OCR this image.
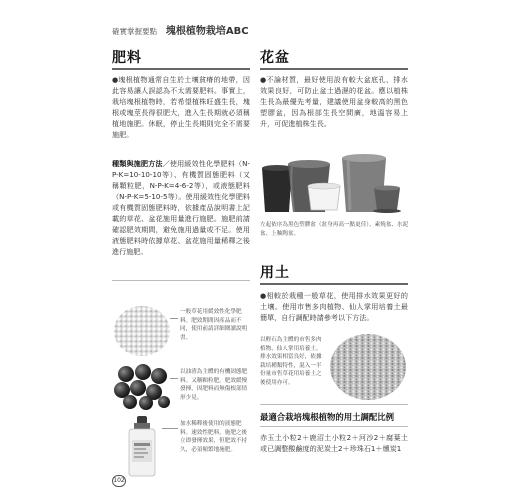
確實掌握要點 塊根植物栽培ABC
肥料
●塊根植物通常自生於土壤貧瘠的地帶，因此容易讓人誤認為不太需要肥料。事實上，栽培塊根植物時，若希望植株旺盛生長，塊根或塊莖長得很肥大，進入生長期就必須稱植地施肥。休眠，停止生長期則完全不需要施肥。
種類與施肥方法／使用緩效性化學肥料（N-P-K=10-10-10等）、有機質固態肥料（又稱顆粒肥，N-P-K=4-6-2等），或液態肥料（N-P-K=5-10-5等）。使用緩效性化學肥料或有機質固態肥料時，依據產品說明書上記載的草花、盆花施用量進行施肥。施肥前請確認肥效期間，避免施用過量或不足。使用液態肥料時依據草花、盆花施用量稀釋之後進行施肥。
一般草花用緩效性化學肥料。肥效期間因產品而不同，使用前請詳細閱讀說明書。
以油渣為主體的有機固態肥料。又稱顆粒肥，肥效緩慢發揮，因肥料而無傷根部情形少見。
加水稀釋後使用的液態肥料。速效性肥料，施肥之後立即發揮效果，但肥效不持久，必須頻繁地施肥。
花盆
●不論材質，最好使用設有較大盆底孔，排水效果良好，可防止盆土過濕的花盆。應以植株生長為最優先考量，建議使用盆身較高的黑色塑膠盆，因為根部生長空間廣，地溫容易上升，可促進植株生長。
左起依序為黑色塑膠盆（盆身再高一點更佳）、素燒盆、水泥盆、上釉陶盆。
用土
●相較於栽種一般草花，使用排水效果更好的土壤。使用市售多肉植物、仙人掌用培養土最簡單，自行調配時請參考以下方法。
以輕石為主體的市售多肉植物、仙人掌用培養土。排水效果相當良好，依據栽培種類特性，混入一半份量市售草花用培養土之後使用亦可。
最適合栽培塊根植物的用土調配比例
赤玉土小粒2＋鹿沼土小粒2＋河沙2＋腐葉土或已調整酸鹼度的泥炭土2＋珍珠石1＋燻炭1
102
